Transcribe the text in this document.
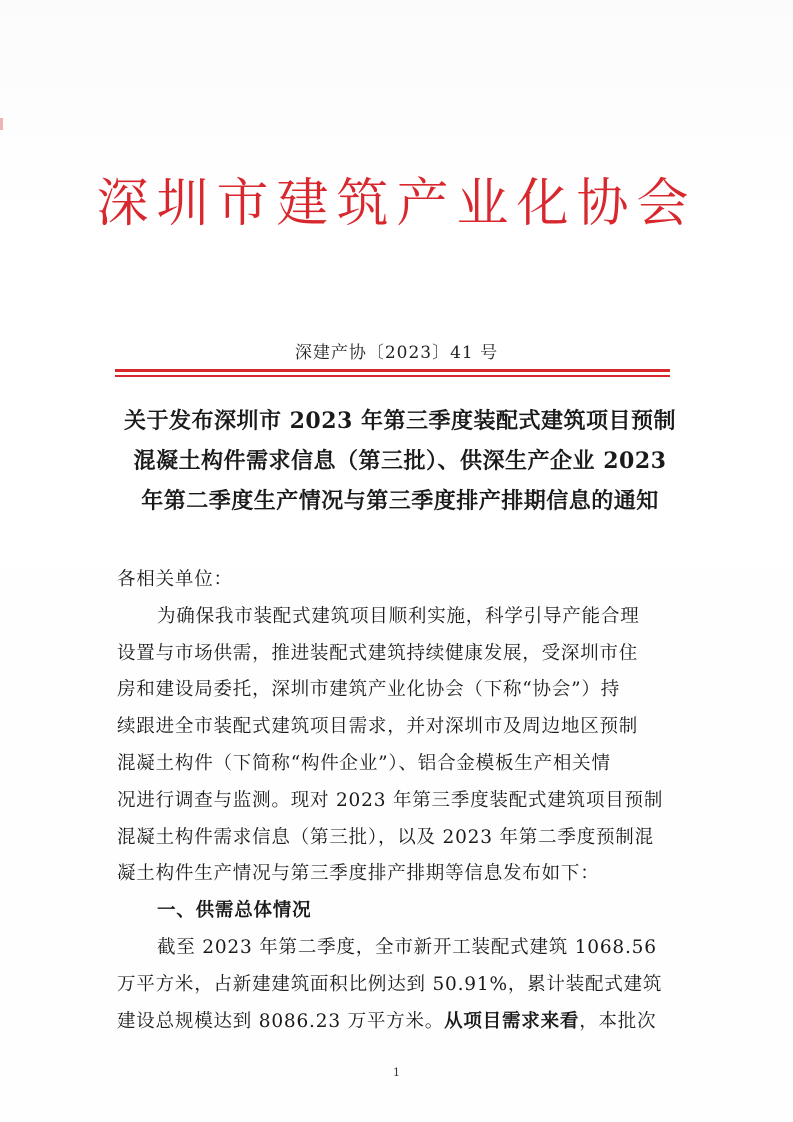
深圳市建筑产业化协会
深建产协〔2023〕41 号
关于发布深圳市 2023 年第三季度装配式建筑项目预制
混凝土构件需求信息（第三批）、供深生产企业 2023
年第二季度生产情况与第三季度排产排期信息的通知
各相关单位：
为确保我市装配式建筑项目顺利实施，科学引导产能合理
设置与市场供需，推进装配式建筑持续健康发展，受深圳市住
房和建设局委托，深圳市建筑产业化协会（下称“协会”）持
续跟进全市装配式建筑项目需求，并对深圳市及周边地区预制
混凝土构件（下简称“构件企业”）、铝合金模板生产相关情
况进行调查与监测。现对 2023 年第三季度装配式建筑项目预制
混凝土构件需求信息（第三批），以及 2023 年第二季度预制混
凝土构件生产情况与第三季度排产排期等信息发布如下：
一、供需总体情况
截至 2023 年第二季度，全市新开工装配式建筑 1068.56
万平方米，占新建建筑面积比例达到 50.91%，累计装配式建筑
建设总规模达到 8086.23 万平方米。从项目需求来看，本批次
1
